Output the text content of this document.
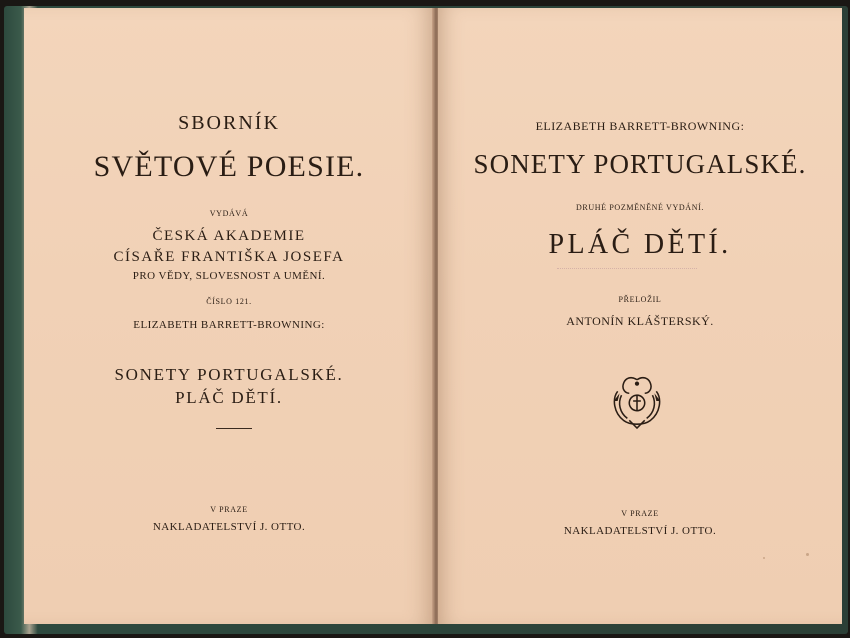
SBORNÍK
SVĚTOVÉ POESIE.
VYDÁVÁ
ČESKÁ AKADEMIE
CÍSAŘE FRANTIŠKA JOSEFA
PRO VĚDY, SLOVESNOST A UMĚNÍ.
ČÍSLO 121.
ELIZABETH BARRETT-BROWNING:
SONETY PORTUGALSKÉ.
PLÁČ DĚTÍ.
V PRAZE
NAKLADATELSTVÍ J. OTTO.
ELIZABETH BARRETT-BROWNING:
SONETY PORTUGALSKÉ.
DRUHÉ POZMĚNĚNÉ VYDÁNÍ.
PLÁČ DĚTÍ.
PŘELOŽIL
ANTONÍN KLÁŠTERSKÝ.
V PRAZE
NAKLADATELSTVÍ J. OTTO.
